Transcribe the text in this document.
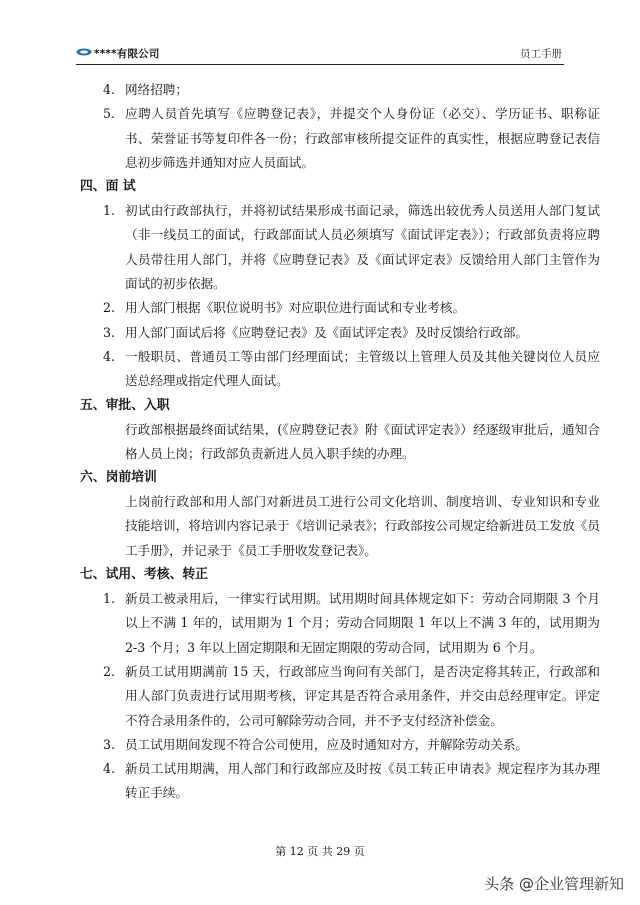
****有限公司	员工手册
4. 网络招聘；
5. 应聘人员首先填写《应聘登记表》，并提交个人身份证（必交）、学历证书、职称证书、荣誉证书等复印件各一份；行政部审核所提交证件的真实性，根据应聘登记表信息初步筛选并通知对应人员面试。
四、面 试
1. 初试由行政部执行，并将初试结果形成书面记录，筛选出较优秀人员送用人部门复试（非一线员工的面试，行政部面试人员必须填写《面试评定表》）；行政部负责将应聘人员带往用人部门，并将《应聘登记表》及《面试评定表》反馈给用人部门主管作为面试的初步依据。
2. 用人部门根据《职位说明书》对应职位进行面试和专业考核。
3. 用人部门面试后将《应聘登记表》及《面试评定表》及时反馈给行政部。
4. 一般职员、普通员工等由部门经理面试；主管级以上管理人员及其他关键岗位人员应送总经理或指定代理人面试。
五、审批、入职
行政部根据最终面试结果，(《应聘登记表》附《面试评定表》）经逐级审批后，通知合格人员上岗；行政部负责新进人员入职手续的办理。
六、岗前培训
上岗前行政部和用人部门对新进员工进行公司文化培训、制度培训、专业知识和专业技能培训，将培训内容记录于《培训记录表》；行政部按公司规定给新进员工发放《员工手册》，并记录于《员工手册收发登记表》。
七、试用、考核、转正
1. 新员工被录用后，一律实行试用期。试用期时间具体规定如下：劳动合同期限 3 个月以上不满 1 年的，试用期为 1 个月；劳动合同期限 1 年以上不满 3 年的，试用期为 2-3 个月；3 年以上固定期限和无固定期限的劳动合同，试用期为 6 个月。
2. 新员工试用期满前 15 天，行政部应当询问有关部门，是否决定将其转正，行政部和用人部门负责进行试用期考核，评定其是否符合录用条件，并交由总经理审定。评定不符合录用条件的，公司可解除劳动合同，并不予支付经济补偿金。
3. 员工试用期间发现不符合公司使用，应及时通知对方，并解除劳动关系。
4. 新员工试用期满，用人部门和行政部应及时按《员工转正申请表》规定程序为其办理转正手续。
第 12 页 共 29 页
头条 @企业管理新知
